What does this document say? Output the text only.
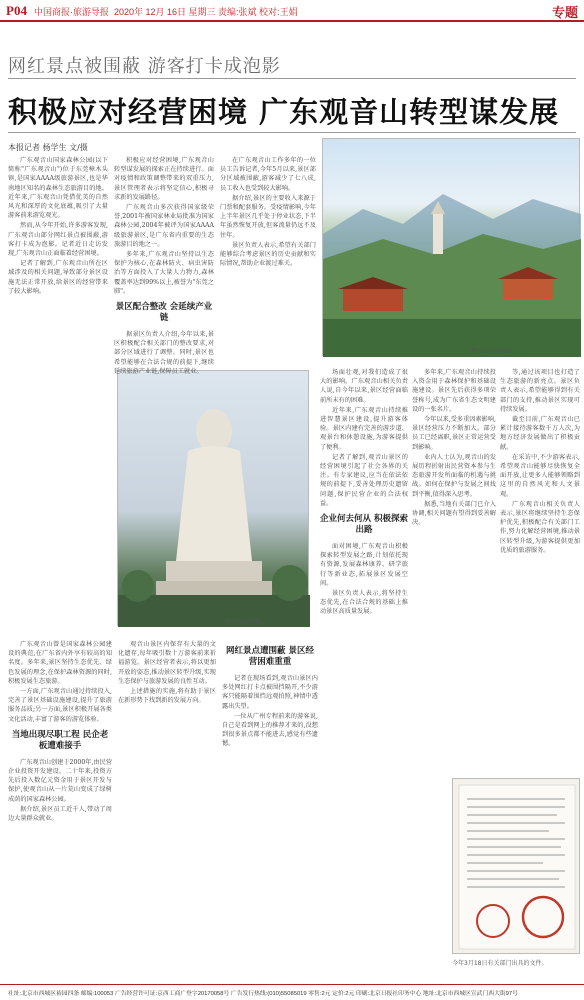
P04 中国商报·旅游导报 2020年 12月 16日 星期三 责编:张斌 校对:王娟	专题
网红景点被围蔽 游客打卡成泡影
积极应对经营困境 广东观音山转型谋发展
本报记者 杨学生 文/摄
观音山自然风景。
观音山观音像。
今年3月18日有关部门出具的文件。

广东观音山国家森林公园(以下简称"广东观音山")位于东莞樟木头镇,是国家AAAA级旅游景区,也是华南地区知名的森林生态旅游目的地。近年来,广东观音山凭借优美的自然风光和深厚的文化底蕴,吸引了大量游客前来游览观光。

然而,从今年开始,许多游客发现,广东观音山部分网红景点被围蔽,游客打卡成为泡影。记者近日走访发现,广东观音山正面临着经营困境。

记者了解到,广东观音山所在区域涉及的相关问题,导致部分景区设施无法正常开放,给景区的经营带来了较大影响。

积极应对经营困境,广东观音山转型谋发展的探索正在持续进行。面对疫情和政策调整带来的双重压力,景区管理者表示将坚定信心,积极寻求新的发展路径。

广东观音山多次获得国家级荣誉,2001年被国家林业局批准为国家森林公园,2004年被评为国家AAAA级旅游景区,是广东省内重要的生态旅游目的地之一。

多年来,广东观音山坚持以生态保护为核心,在森林防火、病虫害防治等方面投入了大量人力物力,森林覆盖率达到99%以上,被誉为"东莞之肺"。

景区配合整改 会延续产业链

据景区负责人介绍,今年以来,景区积极配合相关部门的整改要求,对部分区域进行了调整。同时,景区也希望能够在合法合规的前提下,继续延续旅游产业链,保障员工就业。

在广东观音山工作多年的一位员工告诉记者,今年5月以来,景区部分区域被围蔽,游客减少了七八成,员工收入也受到较大影响。

据介绍,景区的主要收入来源于门票和配套服务。受疫情影响,今年上半年景区几乎处于停业状态,下半年虽然恢复开放,但客流量仍远不及往年。

景区负责人表示,希望有关部门能够综合考虑景区的历史贡献和实际情况,帮助企业渡过难关。

广东观音山曾是国家森林公园建设的典范,在广东省内外享有较高的知名度。多年来,景区坚持生态优先、绿色发展的理念,在保护森林资源的同时,积极发展生态旅游。

一方面,广东观音山通过持续投入,完善了景区基础设施建设,提升了旅游服务品质;另一方面,景区积极开展各类文化活动,丰富了游客的游览体验。

当地出现尽职工程 民企老板遭难接手

广东观音山创建于2000年,由民营企业投资开发建设。二十年来,投资方先后投入数亿元资金用于景区开发与保护,使观音山从一片荒山变成了绿树成荫的国家森林公园。

据介绍,景区员工近千人,带动了周边大量群众就业。

观音山景区内保存有大量的文化遗存,每年吸引数十万游客前来祈福游览。景区经营者表示,将以更加开放的姿态,推动景区转型升级,实现生态保护与旅游发展的良性互动。

上述措施的实施,将有助于景区在新形势下找到新的发展方向。

网红景点遭围蔽 景区经营困难重重

记者在现场看到,观音山景区内多处网红打卡点被围挡隔开,不少游客只能隔着围挡远观拍照,神情中透露出失望。

一位从广州专程前来的游客说,自己是看到网上的推荐才来的,没想到很多景点都不能进去,感觉有些遗憾。

场面壮观,对我们造成了很大的影响。广东观音山相关负责人说,自今年以来,景区经营面临前所未有的困难。

近年来,广东观音山持续推进智慧景区建设,提升游客体验。景区内建有完善的游步道、观景台和休憩设施,为游客提供了便利。

记者了解到,观音山景区的经营困境引起了社会各界的关注。有专家建议,应当在依法依规的前提下,妥善处理历史遗留问题,保护民营企业的合法权益。

企业何去何从 积极探索出路

面对困境,广东观音山积极探索转型发展之路,计划依托现有资源,发展森林康养、研学旅行等新业态,拓展景区发展空间。

景区负责人表示,将坚持生态优先,在合法合规的基础上推动景区高质量发展。

多年来,广东观音山持续投入资金用于森林保护和基础设施建设。景区先后获得多项荣誉称号,成为广东省生态文明建设的一张名片。

今年以来,受多重因素影响,景区经营压力不断加大。部分员工已经离职,景区正常运营受到影响。

业内人士认为,观音山的发展历程折射出民营资本参与生态旅游开发所面临的机遇与挑战。如何在保护与发展之间找到平衡,值得深入思考。

据悉,当地有关部门已介入协调,相关问题有望得到妥善解决。

等,通过该项目也打造了生态旅游的新亮点。景区负责人表示,希望能够得到有关部门的支持,推动景区实现可持续发展。

截至目前,广东观音山已累计接待游客数千万人次,为地方经济发展做出了积极贡献。

在采访中,不少游客表示,希望观音山能够尽快恢复全面开放,让更多人能够领略到这里的自然风光和人文景观。

广东观音山相关负责人表示,景区将继续坚持生态保护优先,积极配合有关部门工作,努力化解经营困境,推动景区转型升级,为游客提供更加优质的旅游服务。

社址:北京市西城区裕园四条 邮编:100053 广告经营许可证:京西工商广登字20170058号 广告发行热线:(010)55085019 零售:2元 定价:2元 印刷:北京日报社印务中心 地址:北京市西城区宣武门西大街97号
